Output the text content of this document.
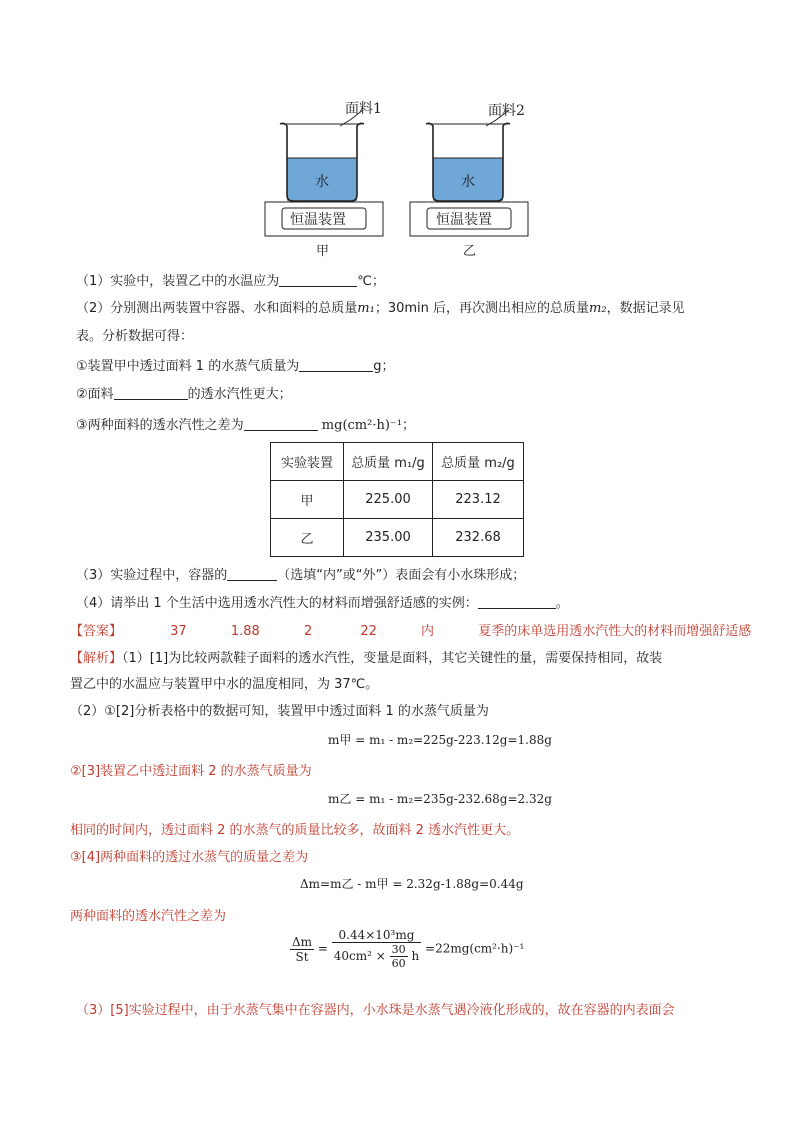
面料1	面料2
水	水
恒温装置	恒温装置
甲	乙
（1）实验中，装置乙中的水温应为	℃；
（2）分别测出两装置中容器、水和面料的总质量m₁；30min 后，再次测出相应的总质量m₂，数据记录见
表。分析数据可得：
①装置甲中透过面料 1 的水蒸气质量为	g；
②面料	的透水汽性更大；
③两种面料的透水汽性之差为	mg(cm²·h)⁻¹；
实验装置	总质量 m₁/g	总质量 m₂/g
甲	225.00	223.12
乙	235.00	232.68
（3）实验过程中，容器的	（选填“内”或“外”）表面会有小水珠形成；
（4）请举出 1 个生活中选用透水汽性大的材料而增强舒适感的实例：	。
【答案】	37	1.88	2	22	内	夏季的床单选用透水汽性大的材料而增强舒适感
【解析】（1）[1]为比较两款鞋子面料的透水汽性，变量是面料，其它关键性的量，需要保持相同，故装
置乙中的水温应与装置甲中水的温度相同，为 37℃。
（2）①[2]分析表格中的数据可知，装置甲中透过面料 1 的水蒸气质量为
m甲 = m₁ - m₂=225g-223.12g=1.88g
②[3]装置乙中透过面料 2 的水蒸气质量为
m乙 = m₁ - m₂=235g-232.68g=2.32g
相同的时间内，透过面料 2 的水蒸气的质量比较多，故面料 2 透水汽性更大。
③[4]两种面料的透过水蒸气的质量之差为
Δm=m乙 - m甲 = 2.32g-1.88g=0.44g
两种面料的透水汽性之差为
$\frac{\Delta m}{St} = \frac{\text{0.44×10³mg}}{40cm^2 \times \frac{30}{60} h} =22mg(cm^2\cdot h)^{-1}$
（3）[5]实验过程中，由于水蒸气集中在容器内，小水珠是水蒸气遇冷液化形成的，故在容器的内表面会
